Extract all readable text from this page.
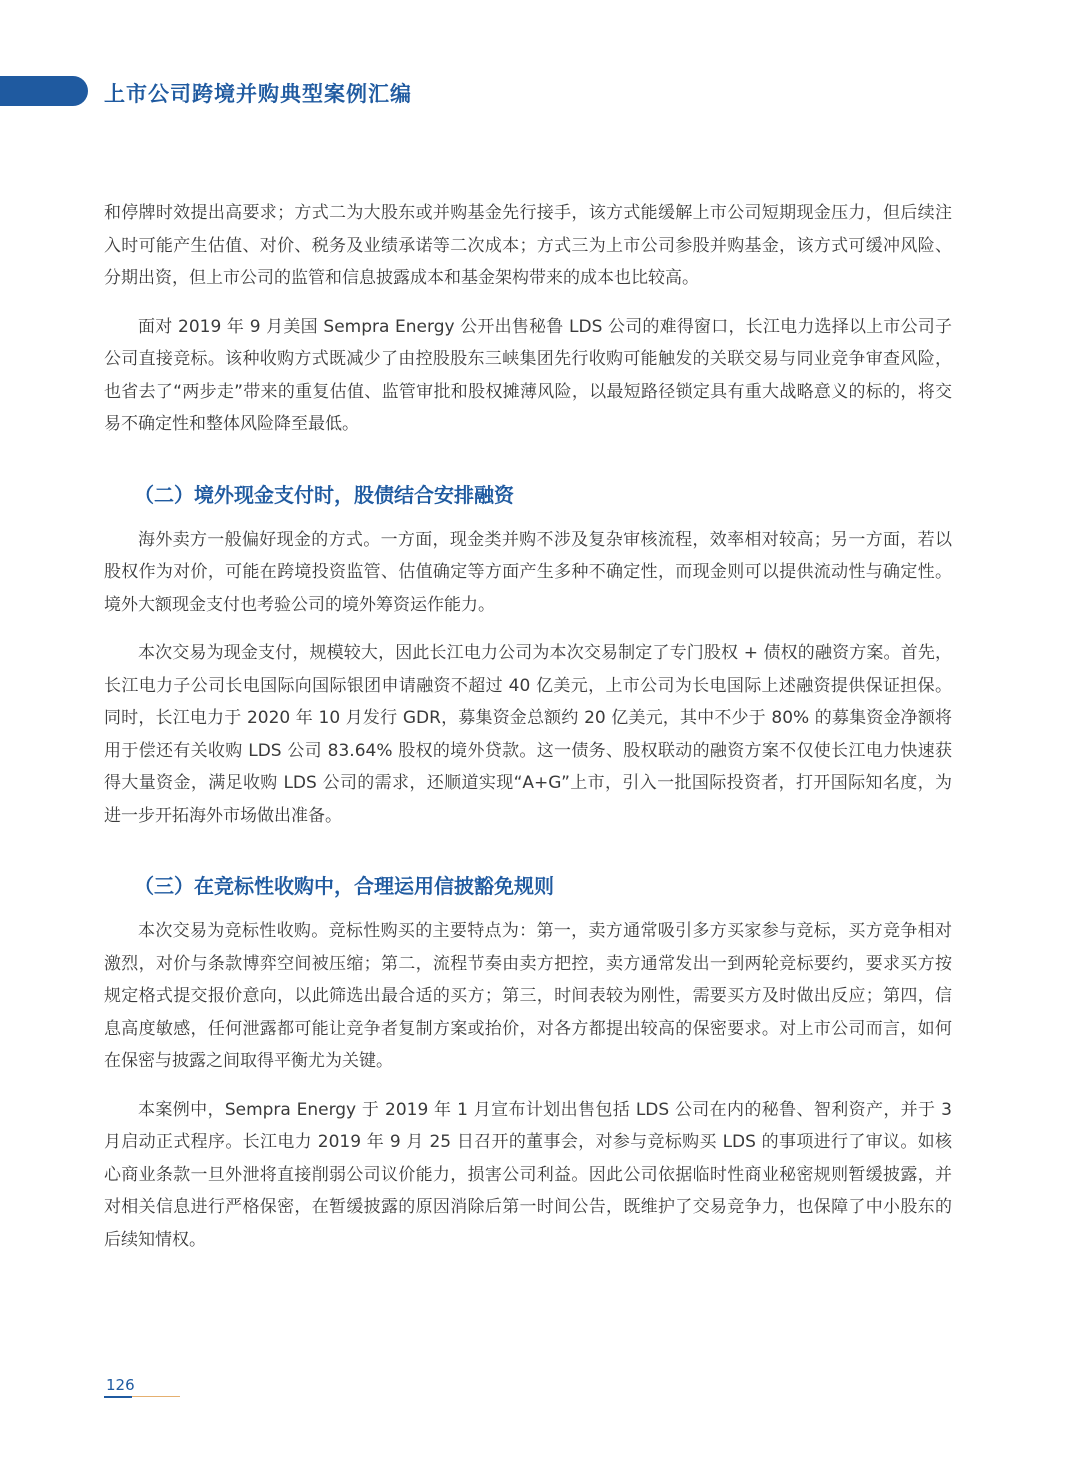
上市公司跨境并购典型案例汇编

和停牌时效提出高要求；方式二为大股东或并购基金先行接手，该方式能缓解上市公司短期现金压力，但后续注入时可能产生估值、对价、税务及业绩承诺等二次成本；方式三为上市公司参股并购基金，该方式可缓冲风险、分期出资，但上市公司的监管和信息披露成本和基金架构带来的成本也比较高。

面对 2019 年 9 月美国 Sempra Energy 公开出售秘鲁 LDS 公司的难得窗口，长江电力选择以上市公司子公司直接竞标。该种收购方式既减少了由控股股东三峡集团先行收购可能触发的关联交易与同业竞争审查风险，也省去了“两步走”带来的重复估值、监管审批和股权摊薄风险，以最短路径锁定具有重大战略意义的标的，将交易不确定性和整体风险降至最低。

（二）境外现金支付时，股债结合安排融资

海外卖方一般偏好现金的方式。一方面，现金类并购不涉及复杂审核流程，效率相对较高；另一方面，若以股权作为对价，可能在跨境投资监管、估值确定等方面产生多种不确定性，而现金则可以提供流动性与确定性。境外大额现金支付也考验公司的境外筹资运作能力。

本次交易为现金支付，规模较大，因此长江电力公司为本次交易制定了专门股权 + 债权的融资方案。首先，长江电力子公司长电国际向国际银团申请融资不超过 40 亿美元，上市公司为长电国际上述融资提供保证担保。同时，长江电力于 2020 年 10 月发行 GDR，募集资金总额约 20 亿美元，其中不少于 80% 的募集资金净额将用于偿还有关收购 LDS 公司 83.64% 股权的境外贷款。这一债务、股权联动的融资方案不仅使长江电力快速获得大量资金，满足收购 LDS 公司的需求，还顺道实现“A+G”上市，引入一批国际投资者，打开国际知名度，为进一步开拓海外市场做出准备。

（三）在竞标性收购中，合理运用信披豁免规则

本次交易为竞标性收购。竞标性购买的主要特点为：第一，卖方通常吸引多方买家参与竞标，买方竞争相对激烈，对价与条款博弈空间被压缩；第二，流程节奏由卖方把控，卖方通常发出一到两轮竞标要约，要求买方按规定格式提交报价意向，以此筛选出最合适的买方；第三，时间表较为刚性，需要买方及时做出反应；第四，信息高度敏感，任何泄露都可能让竞争者复制方案或抬价，对各方都提出较高的保密要求。对上市公司而言，如何在保密与披露之间取得平衡尤为关键。

本案例中，Sempra Energy 于 2019 年 1 月宣布计划出售包括 LDS 公司在内的秘鲁、智利资产，并于 3 月启动正式程序。长江电力 2019 年 9 月 25 日召开的董事会，对参与竞标购买 LDS 的事项进行了审议。如核心商业条款一旦外泄将直接削弱公司议价能力，损害公司利益。因此公司依据临时性商业秘密规则暂缓披露，并对相关信息进行严格保密，在暂缓披露的原因消除后第一时间公告，既维护了交易竞争力，也保障了中小股东的后续知情权。

126
